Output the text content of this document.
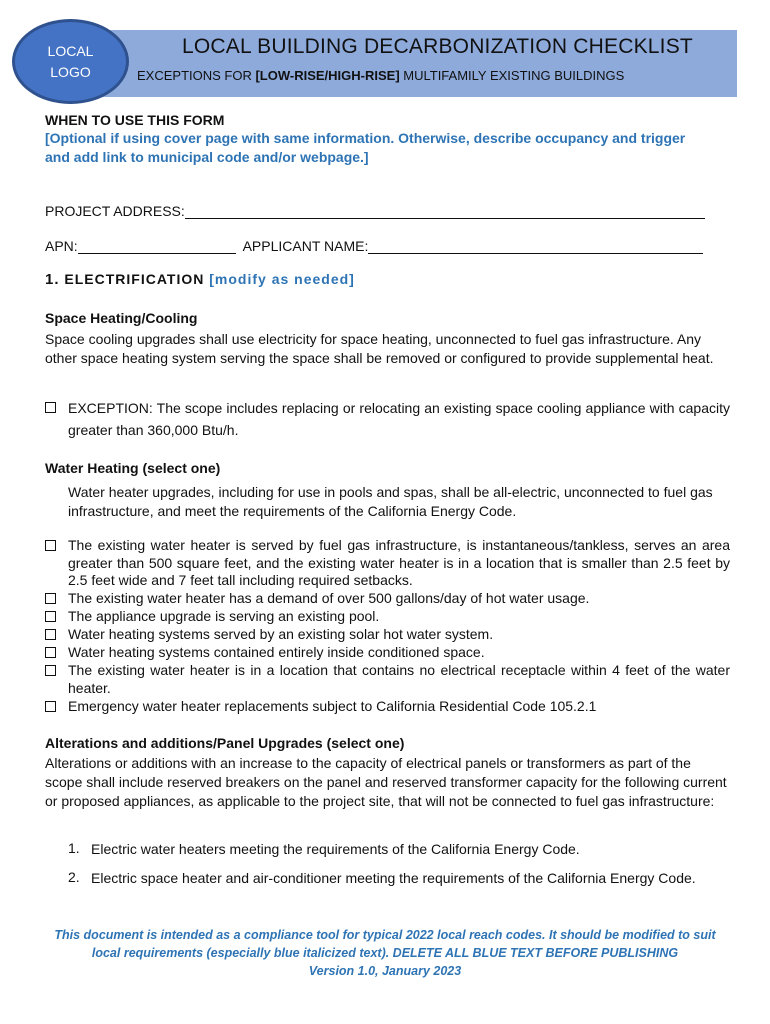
LOCAL
LOGO
LOCAL BUILDING DECARBONIZATION CHECKLIST
EXCEPTIONS FOR [LOW-RISE/HIGH-RISE] MULTIFAMILY EXISTING BUILDINGS
WHEN TO USE THIS FORM
[Optional if using cover page with same information. Otherwise, describe occupancy and trigger and add link to municipal code and/or webpage.]
PROJECT ADDRESS:
APN:	APPLICANT NAME:
1. ELECTRIFICATION [modify as needed]
Space Heating/Cooling
Space cooling upgrades shall use electricity for space heating, unconnected to fuel gas infrastructure. Any other space heating system serving the space shall be removed or configured to provide supplemental heat.
EXCEPTION: The scope includes replacing or relocating an existing space cooling appliance with capacity greater than 360,000 Btu/h.
Water Heating (select one)
Water heater upgrades, including for use in pools and spas, shall be all-electric, unconnected to fuel gas infrastructure, and meet the requirements of the California Energy Code.
The existing water heater is served by fuel gas infrastructure, is instantaneous/tankless, serves an area greater than 500 square feet, and the existing water heater is in a location that is smaller than 2.5 feet by 2.5 feet wide and 7 feet tall including required setbacks.
The existing water heater has a demand of over 500 gallons/day of hot water usage.
The appliance upgrade is serving an existing pool.
Water heating systems served by an existing solar hot water system.
Water heating systems contained entirely inside conditioned space.
The existing water heater is in a location that contains no electrical receptacle within 4 feet of the water heater.
Emergency water heater replacements subject to California Residential Code 105.2.1
Alterations and additions/Panel Upgrades (select one)
Alterations or additions with an increase to the capacity of electrical panels or transformers as part of the scope shall include reserved breakers on the panel and reserved transformer capacity for the following current or proposed appliances, as applicable to the project site, that will not be connected to fuel gas infrastructure:
1. Electric water heaters meeting the requirements of the California Energy Code.
2. Electric space heater and air-conditioner meeting the requirements of the California Energy Code.
This document is intended as a compliance tool for typical 2022 local reach codes. It should be modified to suit local requirements (especially blue italicized text). DELETE ALL BLUE TEXT BEFORE PUBLISHING
Version 1.0, January 2023
